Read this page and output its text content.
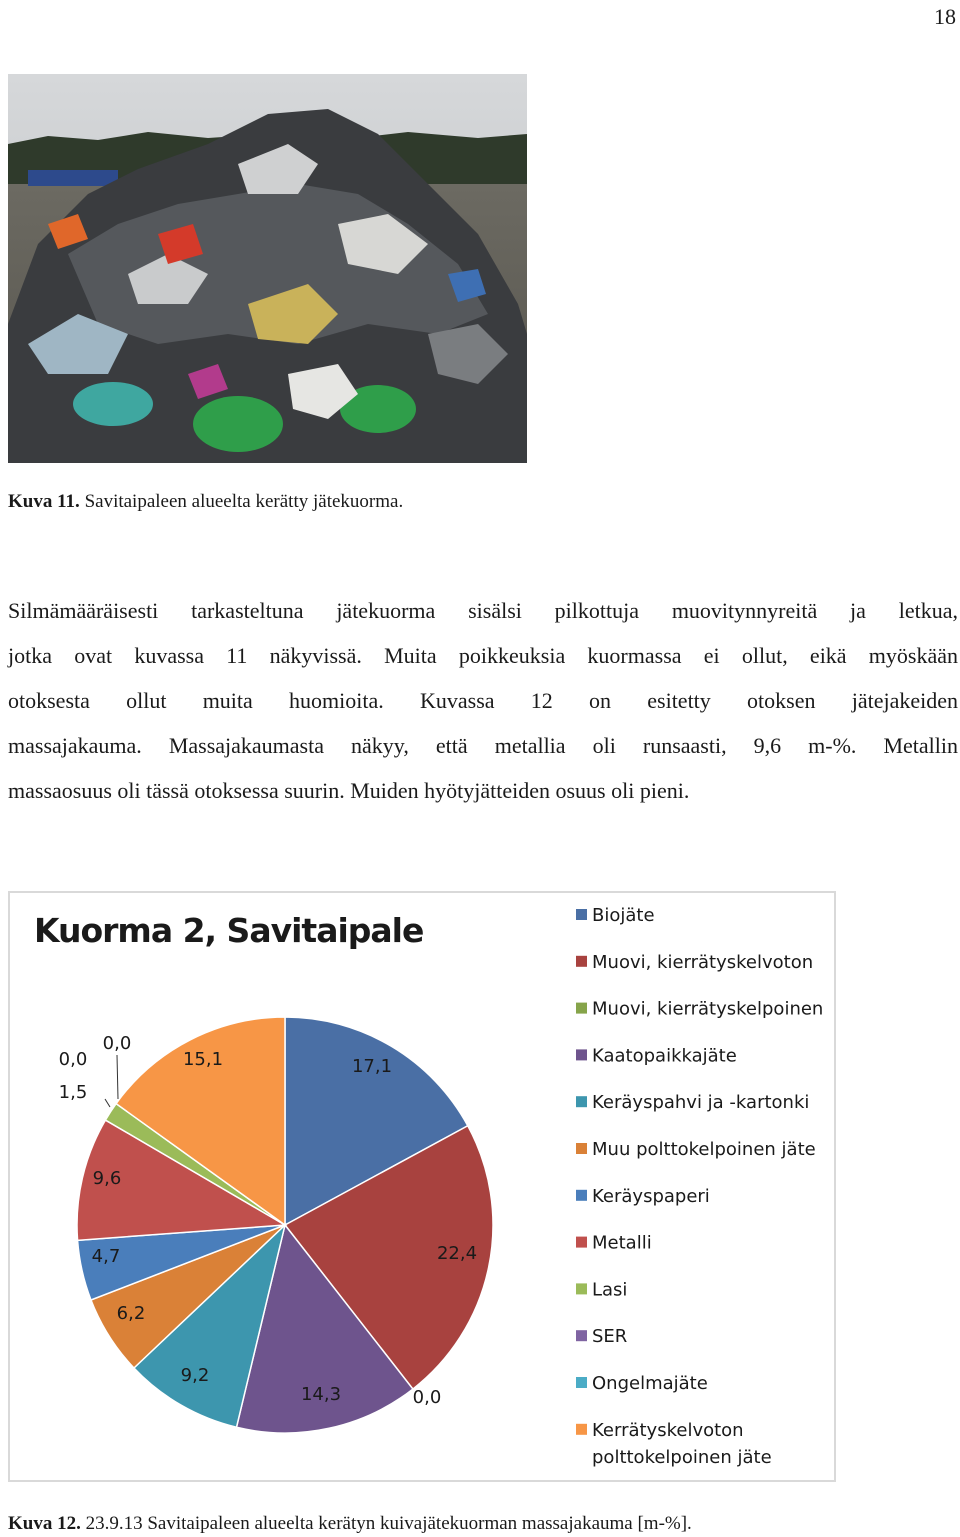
18
Kuva 11. Savitaipaleen alueelta kerätty jätekuorma.
Silmämääräisesti tarkasteltuna jätekuorma sisälsi pilkottuja muovitynnyreitä ja letkua,
jotka ovat kuvassa 11 näkyvissä. Muita poikkeuksia kuormassa ei ollut, eikä myöskään
otoksesta ollut muita huomioita. Kuvassa 12 on esitetty otoksen jätejakeiden
massajakauma. Massajakaumasta näkyy, että metallia oli runsaasti, 9,6 m-%. Metallin
massaosuus oli tässä otoksessa suurin. Muiden hyötyjätteiden osuus oli pieni.
Kuorma 2, Savitaipale
17,1
22,4
0,0
14,3
9,2
6,2
4,7
9,6
1,5
0,0
0,0
15,1
Biojäte
Muovi, kierrätyskelvoton
Muovi, kierrätyskelpoinen
Kaatopaikkajäte
Keräyspahvi ja -kartonki
Muu polttokelpoinen jäte
Keräyspaperi
Metalli
Lasi
SER
Ongelmajäte
Kerrätyskelvoton
polttokelpoinen jäte
Kuva 12. 23.9.13 Savitaipaleen alueelta kerätyn kuivajätekuorman massajakauma [m-%].
